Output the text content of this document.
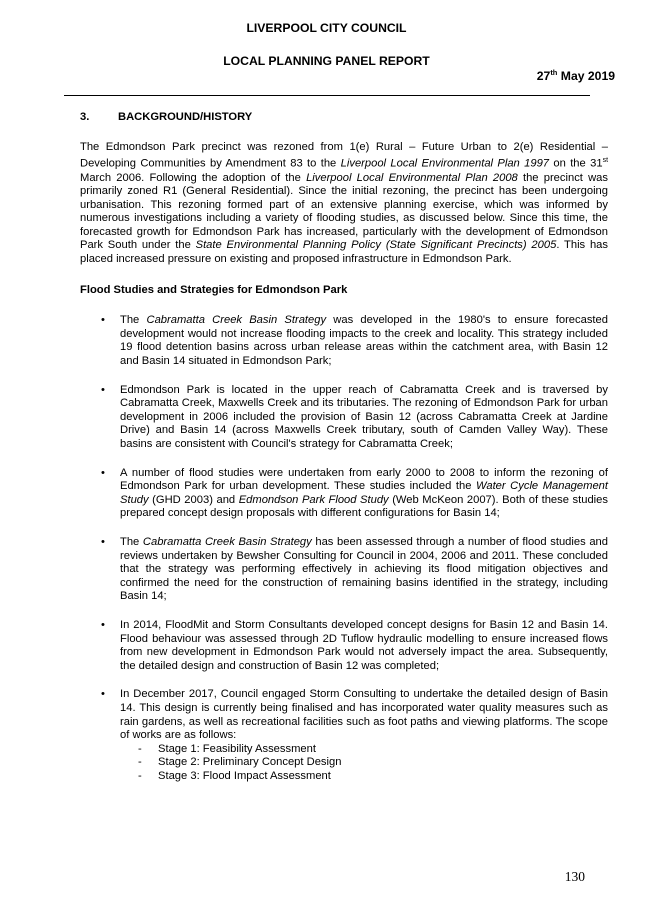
LIVERPOOL CITY COUNCIL
LOCAL PLANNING PANEL REPORT
27th May 2019
3.	BACKGROUND/HISTORY

The Edmondson Park precinct was rezoned from 1(e) Rural – Future Urban to 2(e) Residential – Developing Communities by Amendment 83 to the Liverpool Local Environmental Plan 1997 on the 31st March 2006. Following the adoption of the Liverpool Local Environmental Plan 2008 the precinct was primarily zoned R1 (General Residential). Since the initial rezoning, the precinct has been undergoing urbanisation. This rezoning formed part of an extensive planning exercise, which was informed by numerous investigations including a variety of flooding studies, as discussed below. Since this time, the forecasted growth for Edmondson Park has increased, particularly with the development of Edmondson Park South under the State Environmental Planning Policy (State Significant Precincts) 2005. This has placed increased pressure on existing and proposed infrastructure in Edmondson Park.

Flood Studies and Strategies for Edmondson Park
• The Cabramatta Creek Basin Strategy was developed in the 1980's to ensure forecasted development would not increase flooding impacts to the creek and locality. This strategy included 19 flood detention basins across urban release areas within the catchment area, with Basin 12 and Basin 14 situated in Edmondson Park;
• Edmondson Park is located in the upper reach of Cabramatta Creek and is traversed by Cabramatta Creek, Maxwells Creek and its tributaries. The rezoning of Edmondson Park for urban development in 2006 included the provision of Basin 12 (across Cabramatta Creek at Jardine Drive) and Basin 14 (across Maxwells Creek tributary, south of Camden Valley Way). These basins are consistent with Council's strategy for Cabramatta Creek;
• A number of flood studies were undertaken from early 2000 to 2008 to inform the rezoning of Edmondson Park for urban development. These studies included the Water Cycle Management Study (GHD 2003) and Edmondson Park Flood Study (Web McKeon 2007). Both of these studies prepared concept design proposals with different configurations for Basin 14;
• The Cabramatta Creek Basin Strategy has been assessed through a number of flood studies and reviews undertaken by Bewsher Consulting for Council in 2004, 2006 and 2011. These concluded that the strategy was performing effectively in achieving its flood mitigation objectives and confirmed the need for the construction of remaining basins identified in the strategy, including Basin 14;
• In 2014, FloodMit and Storm Consultants developed concept designs for Basin 12 and Basin 14. Flood behaviour was assessed through 2D Tuflow hydraulic modelling to ensure increased flows from new development in Edmondson Park would not adversely impact the area. Subsequently, the detailed design and construction of Basin 12 was completed;
• In December 2017, Council engaged Storm Consulting to undertake the detailed design of Basin 14. This design is currently being finalised and has incorporated water quality measures such as rain gardens, as well as recreational facilities such as foot paths and viewing platforms. The scope of works are as follows:
- Stage 1: Feasibility Assessment
- Stage 2: Preliminary Concept Design
- Stage 3: Flood Impact Assessment
130
